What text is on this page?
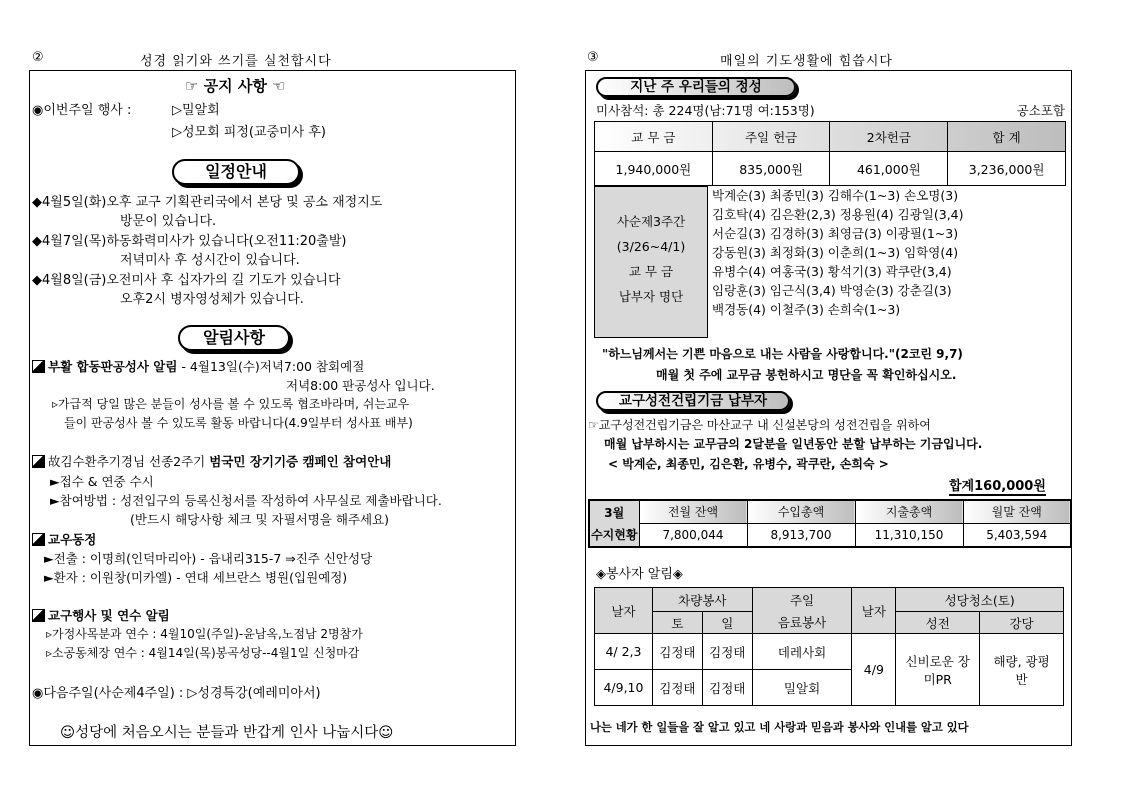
②	성경 읽기와 쓰기를 실천합시다
☞ 공지 사항 ☜
◉이번주일 행사 :	▷밀알회
▷성모회 피정(교중미사 후)
일정안내
◆4월5일(화)오후 교구 기획관리국에서 본당 및 공소 재정지도
방문이 있습니다.
◆4월7일(목)하동화력미사가 있습니다(오전11:20출발)
저녁미사 후 성시간이 있습니다.
◆4월8일(금)오전미사 후 십자가의 길 기도가 있습니다
오후2시 병자영성체가 있습니다.
알림사항
부활 합동판공성사 알림 - 4월13일(수)저녁7:00 참회예절
저녁8:00 판공성사 입니다.
▹가급적 당일 많은 분들이 성사를 볼 수 있도록 협조바라며, 쉬는교우
들이 판공성사 볼 수 있도록 활동 바랍니다(4.9일부터 성사표 배부)
故김수환추기경님 선종2주기 범국민 장기기증 캠페인 참여안내
►접수 & 연중 수시
►참여방법 : 성전입구의 등록신청서를 작성하여 사무실로 제출바랍니다.
(반드시 해당사항 체크 및 자필서명을 해주세요)
교우동정
►전출 : 이명희(인덕마리아) - 읍내리315-7 ⇒진주 신안성당
►환자 : 이원창(미카엘) - 연대 세브란스 병원(입원예정)
교구행사 및 연수 알림
▹가정사목분과 연수 : 4월10일(주일)-윤남옥,노점남 2명참가
▹소공동체장 연수 : 4월14일(목)봉곡성당--4월1일 신청마감
◉다음주일(사순제4주일) : ▷성경특강(예레미아서)
☺성당에 처음오시는 분들과 반갑게 인사 나눕시다☺
③	매일의 기도생활에 힘씁시다
지난 주 우리들의 정성
미사참석: 총 224명(남:71명 여:153명)	공소포함
교 무 금	주일 헌금	2차헌금	합 계
1,940,000원	835,000원	461,000원	3,236,000원
사순제3주간
(3/26~4/1)
교 무 금
납부자 명단
박계순(3) 최종민(3) 김해수(1~3) 손오명(3)
김호탁(4) 김은환(2,3) 정용원(4) 김광일(3,4)
서순길(3) 김경하(3) 최영금(3) 이광필(1~3)
강동원(3) 최정화(3) 이춘희(1~3) 임학영(4)
유병수(4) 여홍국(3) 황석기(3) 곽쿠란(3,4)
임랑훈(3) 임근식(3,4) 박영순(3) 강춘길(3)
백경동(4) 이철주(3) 손희숙(1~3)
"하느님께서는 기쁜 마음으로 내는 사람을 사랑합니다."(2코린 9,7)
매월 첫 주에 교무금 봉헌하시고 명단을 꼭 확인하십시오.
교구성전건립기금 납부자
☞교구성전건립기금은 마산교구 내 신설본당의 성전건립을 위하여
매월 납부하시는 교무금의 2달분을 일년동안 분할 납부하는 기금입니다.
< 박계순, 최종민, 김은환, 유병수, 곽쿠란, 손희숙 >
합계160,000원
3월	전월 잔액	수입총액	지출총액	월말 잔액
수지현황	7,800,044	8,913,700	11,310,150	5,403,594
◈봉사자 알림◈
날자	차량봉사		주일	날자	성당청소(토)	
	토	일	음료봉사		성전	강당
4/ 2,3	김정태	김정태	데레사회	4/9	신비로운 장미PR	해량, 광평반
4/9,10	김정태	김정태	밀알회			
나는 네가 한 일들을 잘 알고 있고 네 사랑과 믿음과 봉사와 인내를 알고 있다
